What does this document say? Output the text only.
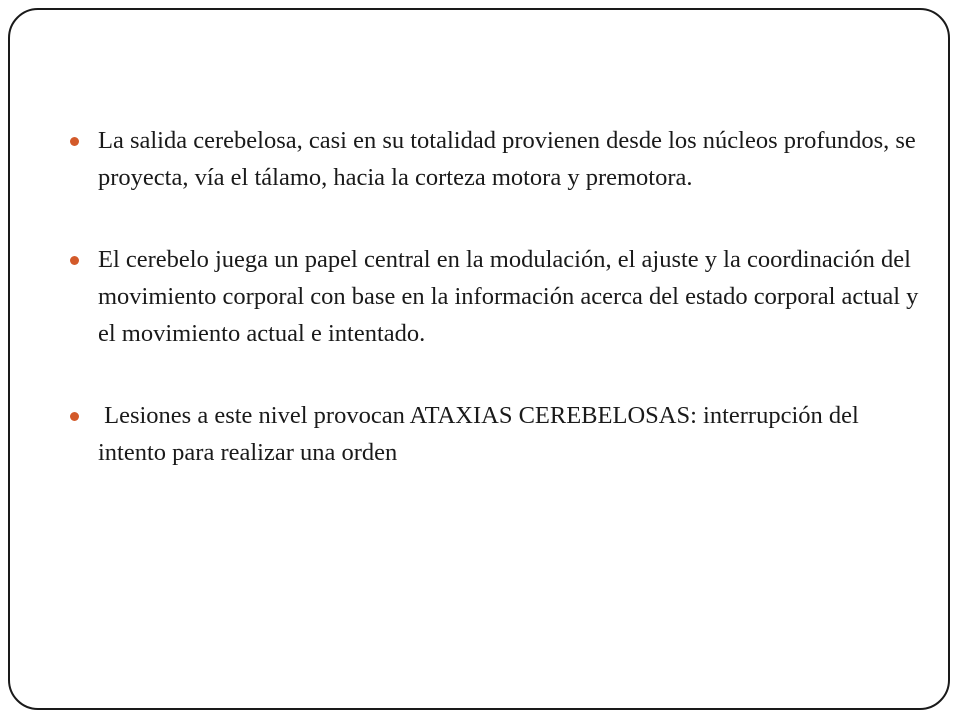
La salida cerebelosa, casi en su totalidad provienen desde los núcleos profundos, se proyecta, vía el tálamo, hacia la corteza motora y premotora.
El cerebelo juega un papel central en la modulación, el ajuste y la coordinación del movimiento corporal con base en la información acerca del estado corporal actual y el movimiento actual e intentado.
Lesiones a este nivel provocan ATAXIAS CEREBELOSAS: interrupción del intento para realizar una orden
